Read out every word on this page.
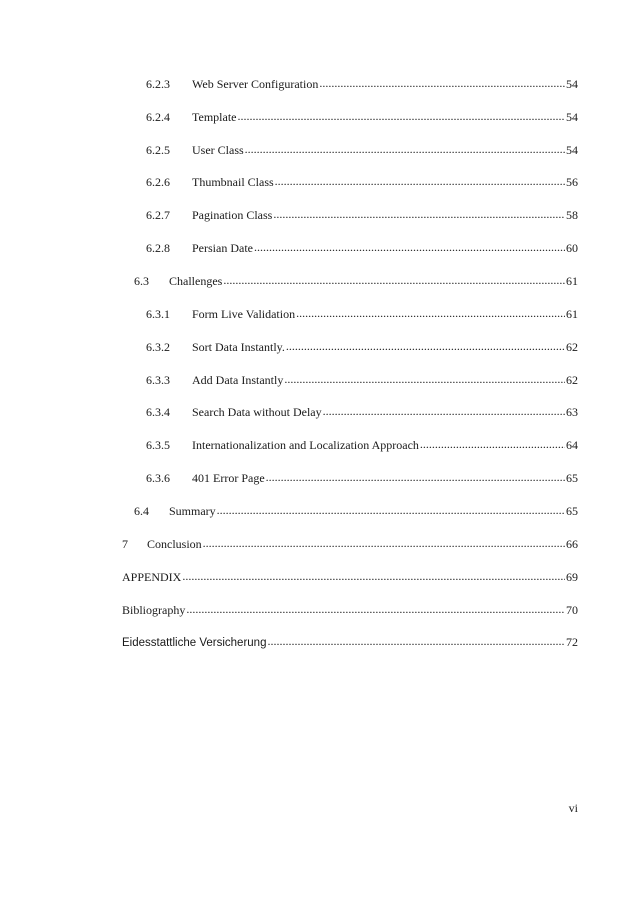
6.2.3	Web Server Configuration .....	54
6.2.4	Template .....	54
6.2.5	User Class .....	54
6.2.6	Thumbnail Class .....	56
6.2.7	Pagination Class .....	58
6.2.8	Persian Date .....	60
6.3	Challenges .....	61
6.3.1	Form Live Validation .....	61
6.3.2	Sort Data Instantly. .....	62
6.3.3	Add Data Instantly .....	62
6.3.4	Search Data without Delay .....	63
6.3.5	Internationalization and Localization Approach .....	64
6.3.6	401 Error Page .....	65
6.4	Summary .....	65
7	Conclusion .....	66
APPENDIX .....	69
Bibliography .....	70
Eidesstattliche Versicherung .....	72
vi
